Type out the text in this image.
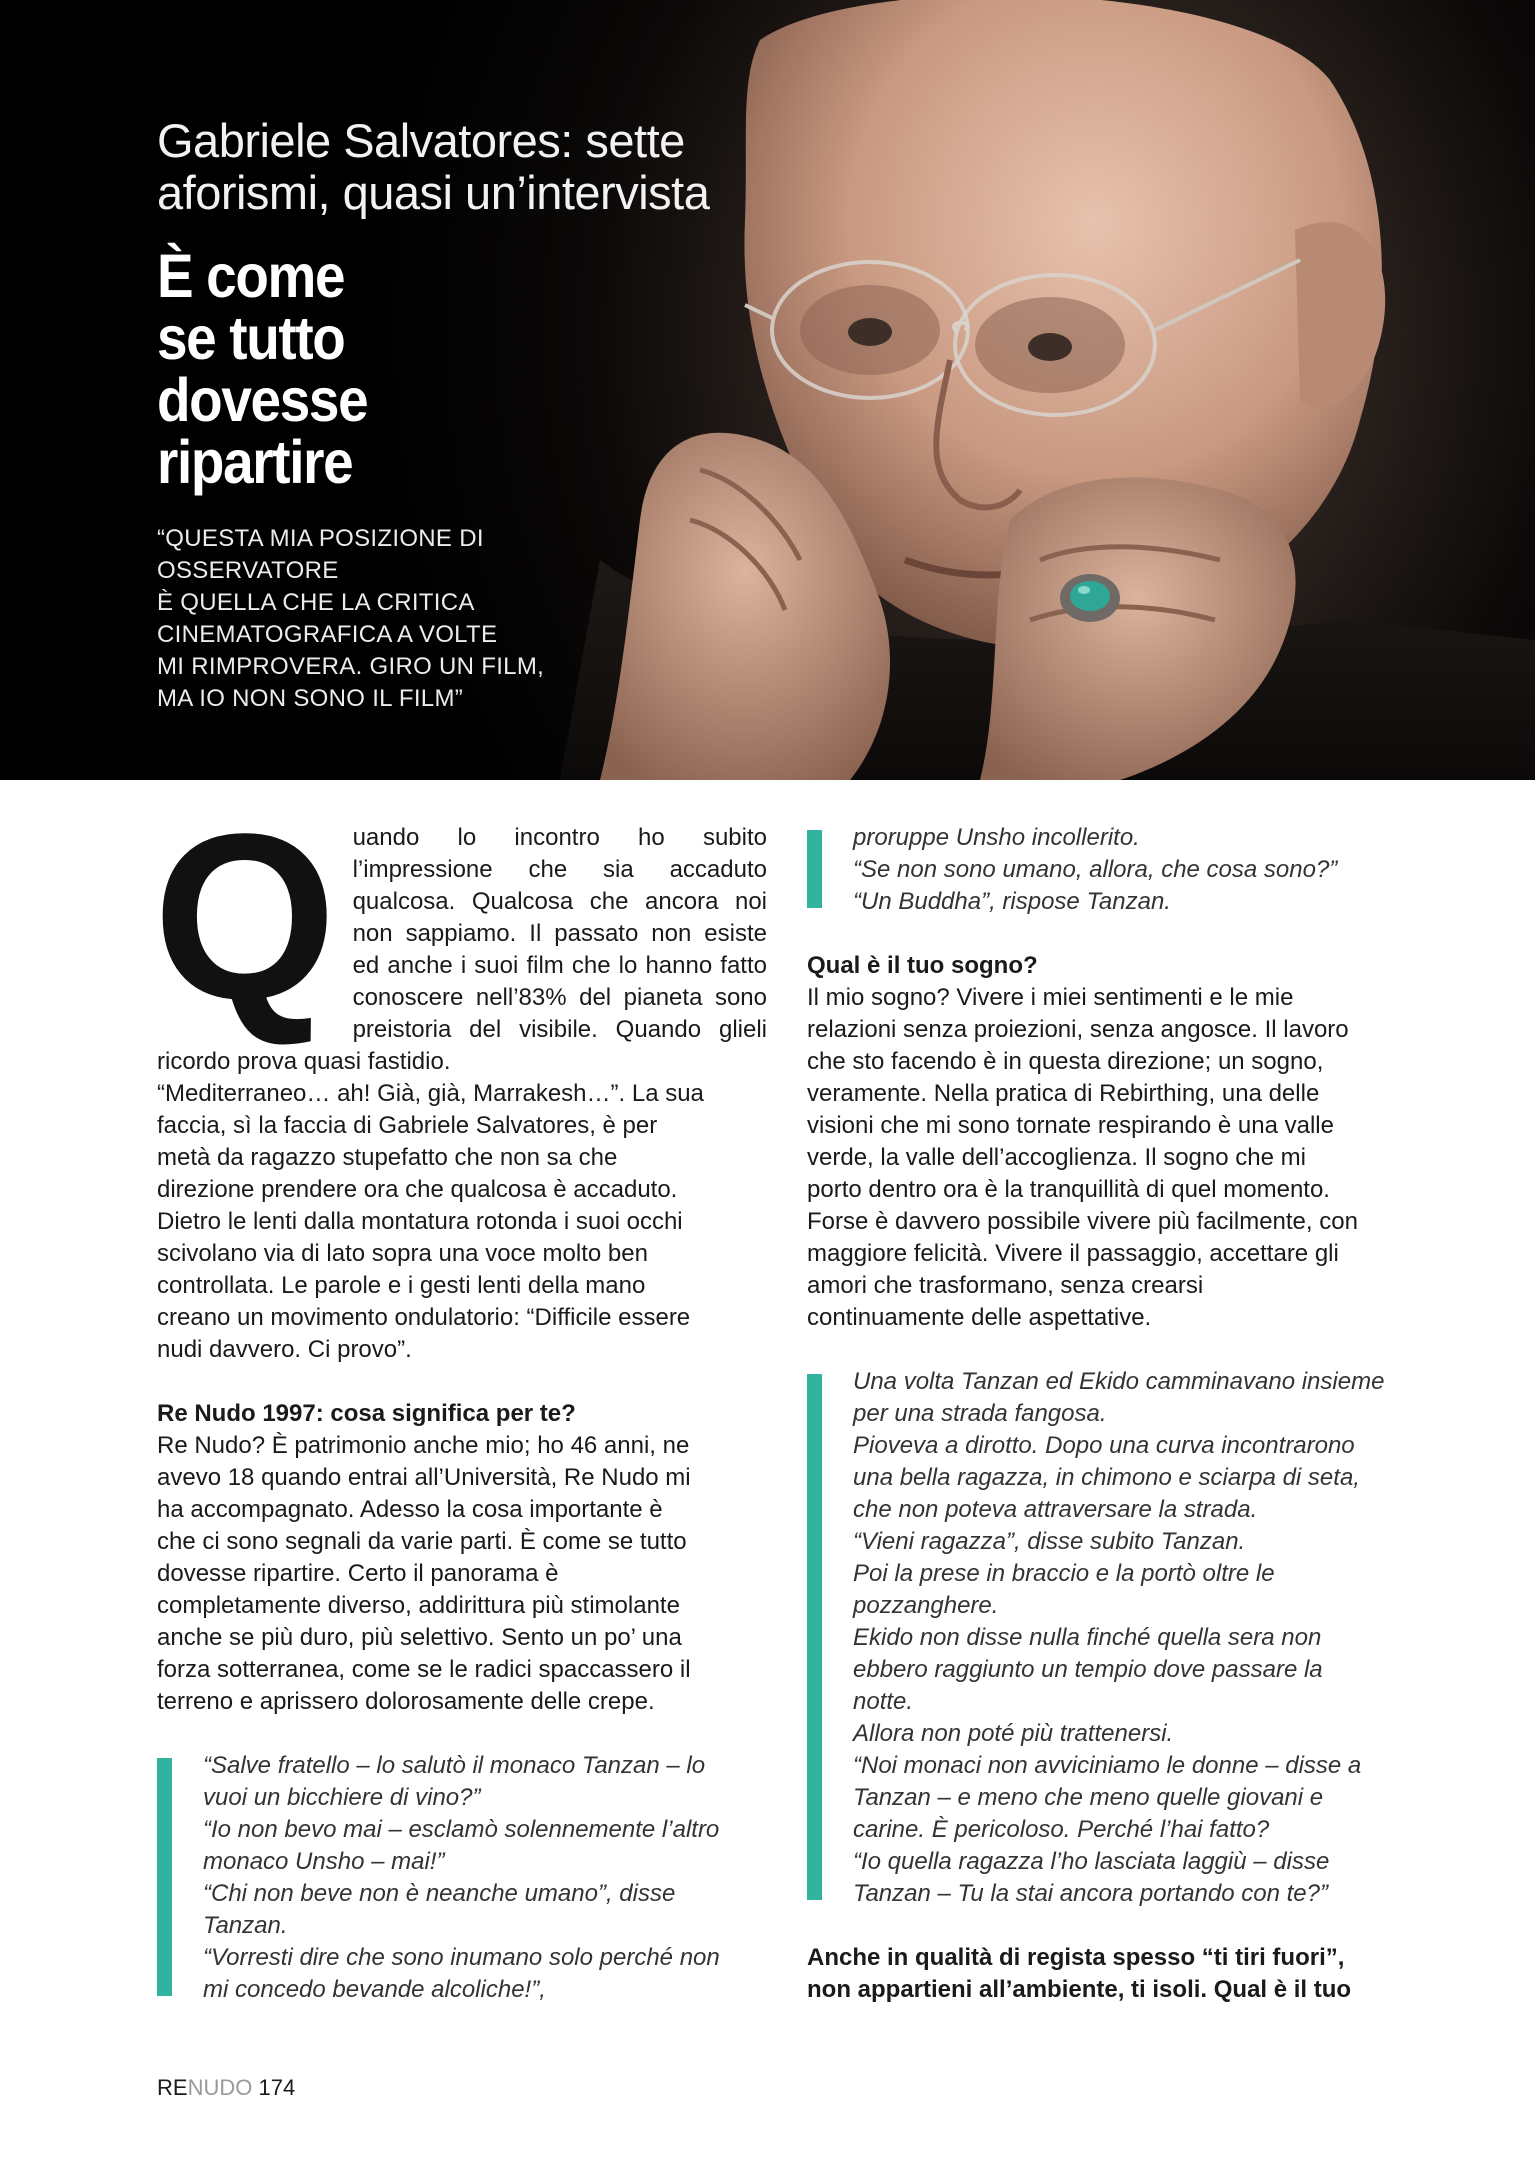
Gabriele Salvatores: sette aforismi, quasi un’intervista
È come
se tutto
dovesse
ripartire

“QUESTA MIA POSIZIONE DI
OSSERVATORE
È QUELLA CHE LA CRITICA
CINEMATOGRAFICA A VOLTE
MI RIMPROVERA. GIRO UN FILM,
MA IO NON SONO IL FILM”

Quando lo incontro ho subito l’impressione che sia accaduto qualcosa. Qualcosa che ancora noi non sappiamo. Il passato non esiste ed anche i suoi film che lo hanno fatto conoscere nell’83% del pianeta sono preistoria del visibile. Quando glieli ricordo prova quasi fastidio.

“Mediterraneo… ah! Già, già, Marrakesh…”. La sua
faccia, sì la faccia di Gabriele Salvatores, è per
metà da ragazzo stupefatto che non sa che
direzione prendere ora che qualcosa è accaduto.
Dietro le lenti dalla montatura rotonda i suoi occhi
scivolano via di lato sopra una voce molto ben
controllata. Le parole e i gesti lenti della mano
creano un movimento ondulatorio: “Difficile essere
nudi davvero. Ci provo”.

Re Nudo 1997: cosa significa per te?

Re Nudo? È patrimonio anche mio; ho 46 anni, ne
avevo 18 quando entrai all’Università, Re Nudo mi
ha accompagnato. Adesso la cosa importante è
che ci sono segnali da varie parti. È come se tutto
dovesse ripartire. Certo il panorama è
completamente diverso, addirittura più stimolante
anche se più duro, più selettivo. Sento un po’ una
forza sotterranea, come se le radici spaccassero il
terreno e aprissero dolorosamente delle crepe.

“Salve fratello – lo salutò il monaco Tanzan – lo
vuoi un bicchiere di vino?”
“Io non bevo mai – esclamò solennemente l’altro
monaco Unsho – mai!”
“Chi non beve non è neanche umano”, disse
Tanzan.
“Vorresti dire che sono inumano solo perché non
mi concedo bevande alcoliche!”,
proruppe Unsho incollerito.
“Se non sono umano, allora, che cosa sono?”
“Un Buddha”, rispose Tanzan.

Qual è il tuo sogno?

Il mio sogno? Vivere i miei sentimenti e le mie
relazioni senza proiezioni, senza angosce. Il lavoro
che sto facendo è in questa direzione; un sogno,
veramente. Nella pratica di Rebirthing, una delle
visioni che mi sono tornate respirando è una valle
verde, la valle dell’accoglienza. Il sogno che mi
porto dentro ora è la tranquillità di quel momento.
Forse è davvero possibile vivere più facilmente, con
maggiore felicità. Vivere il passaggio, accettare gli
amori che trasformano, senza crearsi
continuamente delle aspettative.

Una volta Tanzan ed Ekido camminavano insieme
per una strada fangosa.
Pioveva a dirotto. Dopo una curva incontrarono
una bella ragazza, in chimono e sciarpa di seta,
che non poteva attraversare la strada.
“Vieni ragazza”, disse subito Tanzan.
Poi la prese in braccio e la portò oltre le
pozzanghere.
Ekido non disse nulla finché quella sera non
ebbero raggiunto un tempio dove passare la
notte.
Allora non poté più trattenersi.
“Noi monaci non avviciniamo le donne – disse a
Tanzan – e meno che meno quelle giovani e
carine. È pericoloso. Perché l’hai fatto?
“Io quella ragazza l’ho lasciata laggiù – disse
Tanzan – Tu la stai ancora portando con te?”

Anche in qualità di regista spesso “ti tiri fuori”,
non appartieni all’ambiente, ti isoli. Qual è il tuo

RENUDO 174
